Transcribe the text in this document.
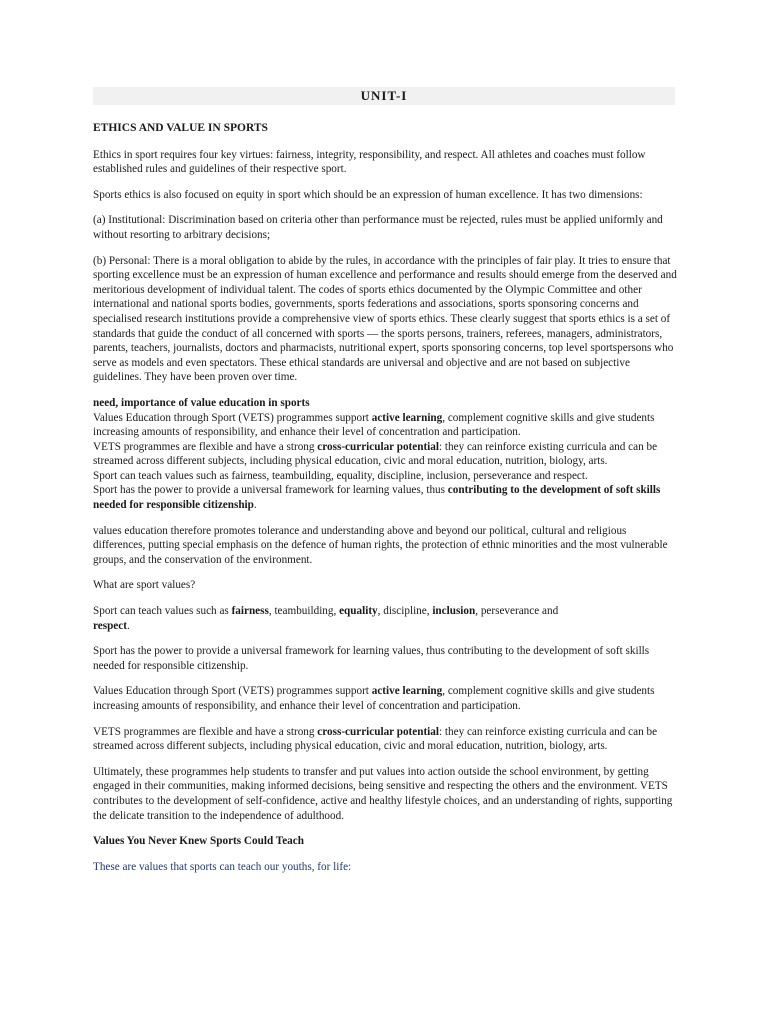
UNIT-I

ETHICS AND VALUE IN SPORTS

Ethics in sport requires four key virtues: fairness, integrity, responsibility, and respect. All athletes and coaches must follow established rules and guidelines of their respective sport.

Sports ethics is also focused on equity in sport which should be an expression of human excellence. It has two dimensions:

(a) Institutional: Discrimination based on criteria other than performance must be rejected, rules must be applied uniformly and without resorting to arbitrary decisions;

(b) Personal: There is a moral obligation to abide by the rules, in accordance with the principles of fair play. It tries to ensure that sporting excellence must be an expression of human excellence and performance and results should emerge from the deserved and meritorious development of individual talent. The codes of sports ethics documented by the Olympic Committee and other international and national sports bodies, governments, sports federations and associations, sports sponsoring concerns and specialised research institutions provide a comprehensive view of sports ethics. These clearly suggest that sports ethics is a set of standards that guide the conduct of all concerned with sports — the sports persons, trainers, referees, managers, administrators, parents, teachers, journalists, doctors and pharmacists, nutritional expert, sports sponsoring concerns, top level sportspersons who serve as models and even spectators. These ethical standards are universal and objective and are not based on subjective guidelines. They have been proven over time.

need, importance of value education in sports

Values Education through Sport (VETS) programmes support active learning, complement cognitive skills and give students increasing amounts of responsibility, and enhance their level of concentration and participation.

VETS programmes are flexible and have a strong cross-curricular potential: they can reinforce existing curricula and can be streamed across different subjects, including physical education, civic and moral education, nutrition, biology, arts.

Sport can teach values such as fairness, teambuilding, equality, discipline, inclusion, perseverance and respect.

Sport has the power to provide a universal framework for learning values, thus contributing to the development of soft skills needed for responsible citizenship.

values education therefore promotes tolerance and understanding above and beyond our political, cultural and religious differences, putting special emphasis on the defence of human rights, the protection of ethnic minorities and the most vulnerable groups, and the conservation of the environment.

What are sport values?

Sport can teach values such as fairness, teambuilding, equality, discipline, inclusion, perseverance and
respect.

Sport has the power to provide a universal framework for learning values, thus contributing to the development of soft skills needed for responsible citizenship.

Values Education through Sport (VETS) programmes support active learning, complement cognitive skills and give students increasing amounts of responsibility, and enhance their level of concentration and participation.

VETS programmes are flexible and have a strong cross-curricular potential: they can reinforce existing curricula and can be streamed across different subjects, including physical education, civic and moral education, nutrition, biology, arts.

Ultimately, these programmes help students to transfer and put values into action outside the school environment, by getting engaged in their communities, making informed decisions, being sensitive and respecting the others and the environment. VETS contributes to the development of self-confidence, active and healthy lifestyle choices, and an understanding of rights, supporting the delicate transition to the independence of adulthood.

Values You Never Knew Sports Could Teach

These are values that sports can teach our youths, for life:
